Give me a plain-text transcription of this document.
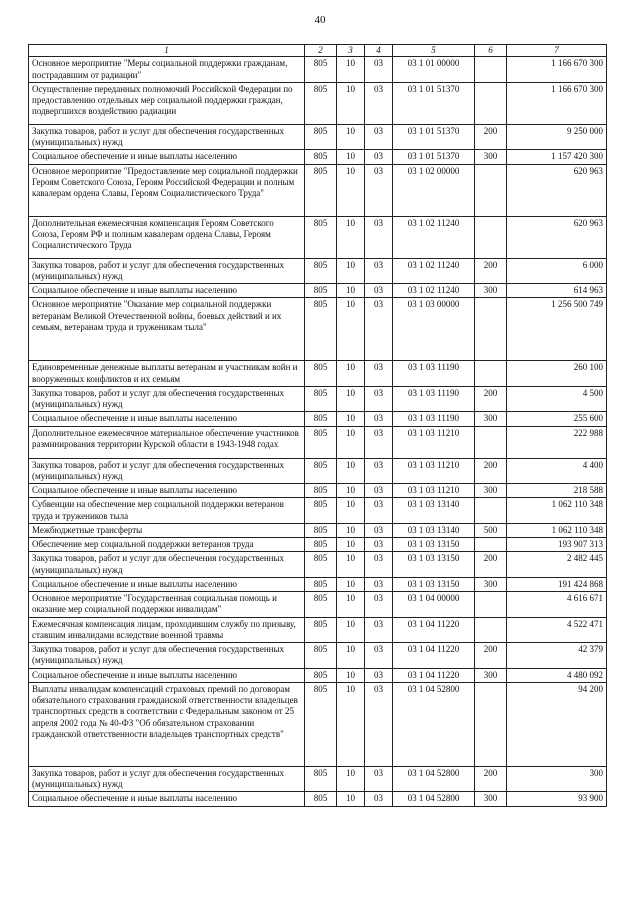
40
1	2	3	4	5	6	7
Основное мероприятие "Меры социальной поддержки гражданам, пострадавшим от радиации"	805	10	03	03 1 01 00000		1 166 670 300
Осуществление переданных полномочий Российской Федерации по предоставлению отдельных мер социальной поддержки граждан, подвергшихся воздействию радиации	805	10	03	03 1 01 51370		1 166 670 300
Закупка товаров, работ и услуг для обеспечения государственных (муниципальных) нужд	805	10	03	03 1 01 51370	200	9 250 000
Социальное обеспечение и иные выплаты населению	805	10	03	03 1 01 51370	300	1 157 420 300
Основное мероприятие "Предоставление мер социальной поддержки Героям Советского Союза, Героям Российской Федерации и полным кавалерам ордена Славы, Героям Социалистического Труда"	805	10	03	03 1 02 00000		620 963
Дополнительная ежемесячная компенсация Героям Советского Союза, Героям РФ и полным кавалерам ордена Славы, Героям Социалистического Труда	805	10	03	03 1 02 11240		620 963
Закупка товаров, работ и услуг для обеспечения государственных (муниципальных) нужд	805	10	03	03 1 02 11240	200	6 000
Социальное обеспечение и иные выплаты населению	805	10	03	03 1 02 11240	300	614 963
Основное мероприятие "Оказание мер социальной поддержки ветеранам Великой Отечественной войны, боевых действий и их семьям, ветеранам труда и труженикам тыла"	805	10	03	03 1 03 00000		1 256 500 749
Единовременные денежные выплаты ветеранам и участникам войн и вооруженных конфликтов и их семьям	805	10	03	03 1 03 11190		260 100
Закупка товаров, работ и услуг для обеспечения государственных (муниципальных) нужд	805	10	03	03 1 03 11190	200	4 500
Социальное обеспечение и иные выплаты населению	805	10	03	03 1 03 11190	300	255 600
Дополнительное ежемесячное материальное обеспечение участников разминирования территории Курской области в 1943-1948 годах	805	10	03	03 1 03 11210		222 988
Закупка товаров, работ и услуг для обеспечения государственных (муниципальных) нужд	805	10	03	03 1 03 11210	200	4 400
Социальное обеспечение и иные выплаты населению	805	10	03	03 1 03 11210	300	218 588
Субвенции на обеспечение мер социальной поддержки ветеранов труда и тружеников тыла	805	10	03	03 1 03 13140		1 062 110 348
Межбюджетные трансферты	805	10	03	03 1 03 13140	500	1 062 110 348
Обеспечение мер социальной поддержки ветеранов труда	805	10	03	03 1 03 13150		193 907 313
Закупка товаров, работ и услуг для обеспечения государственных (муниципальных) нужд	805	10	03	03 1 03 13150	200	2 482 445
Социальное обеспечение и иные выплаты населению	805	10	03	03 1 03 13150	300	191 424 868
Основное мероприятие "Государственная социальная помощь и оказание мер социальной поддержки инвалидам"	805	10	03	03 1 04 00000		4 616 671
Ежемесячная компенсация лицам, проходившим службу по призыву, ставшим инвалидами вследствие военной травмы	805	10	03	03 1 04 11220		4 522 471
Закупка товаров, работ и услуг для обеспечения государственных (муниципальных) нужд	805	10	03	03 1 04 11220	200	42 379
Социальное обеспечение и иные выплаты населению	805	10	03	03 1 04 11220	300	4 480 092
Выплаты инвалидам компенсаций страховых премий по договорам обязательного страхования гражданской ответственности владельцев транспортных средств в соответствии с Федеральным законом от 25 апреля 2002 года № 40-ФЗ "Об обязательном страховании гражданской ответственности владельцев транспортных средств"	805	10	03	03 1 04 52800		94 200
Закупка товаров, работ и услуг для обеспечения государственных (муниципальных) нужд	805	10	03	03 1 04 52800	200	300
Социальное обеспечение и иные выплаты населению	805	10	03	03 1 04 52800	300	93 900
